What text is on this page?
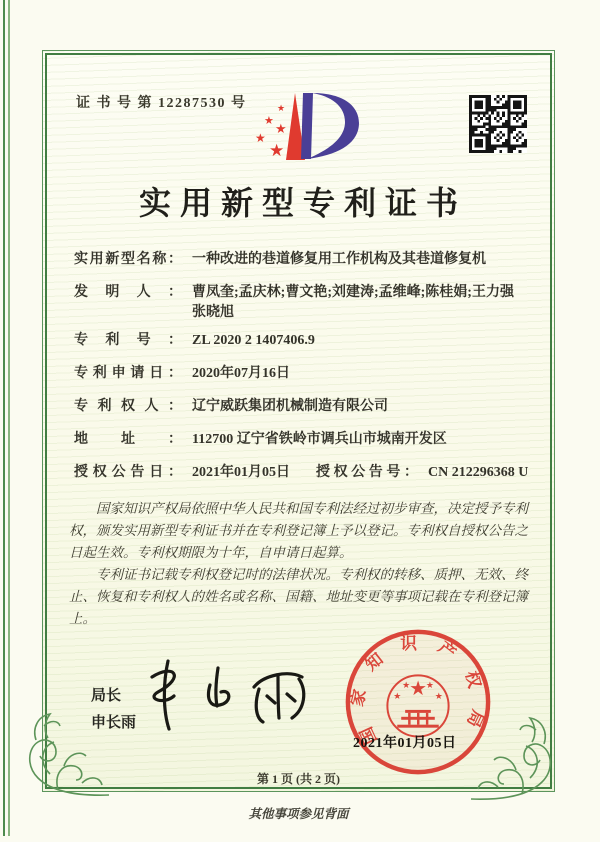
证 书 号 第 12287530 号	★
★ ★
★
★
实用新型专利证书
实用新型名称： 一种改进的巷道修复用工作机构及其巷道修复机
发明人： 曹凤奎;孟庆林;曹文艳;刘建涛;孟维峰;陈桂娟;王力强
张晓旭
专利号： ZL 2020 2 1407406.9
专利申请日： 2020年07月16日
专利权人： 辽宁威跃集团机械制造有限公司
地址： 112700 辽宁省铁岭市调兵山市城南开发区
授权公告日： 2021年01月05日	授权公告号： CN 212296368 U

国家知识产权局依照中华人民共和国专利法经过初步审查，决定授予专利权，颁发实用新型专利证书并在专利登记簿上予以登记。专利权自授权公告之日起生效。专利权期限为十年，自申请日起算。

专利证书记载专利权登记时的法律状况。专利权的转移、质押、无效、终止、恢复和专利权人的姓名或名称、国籍、地址变更等事项记载在专利登记簿上。

局长
申长雨	国家知识产权局
★
★
★ ★
★
2021年01月05日
第 1 页 (共 2 页)
其他事项参见背面
